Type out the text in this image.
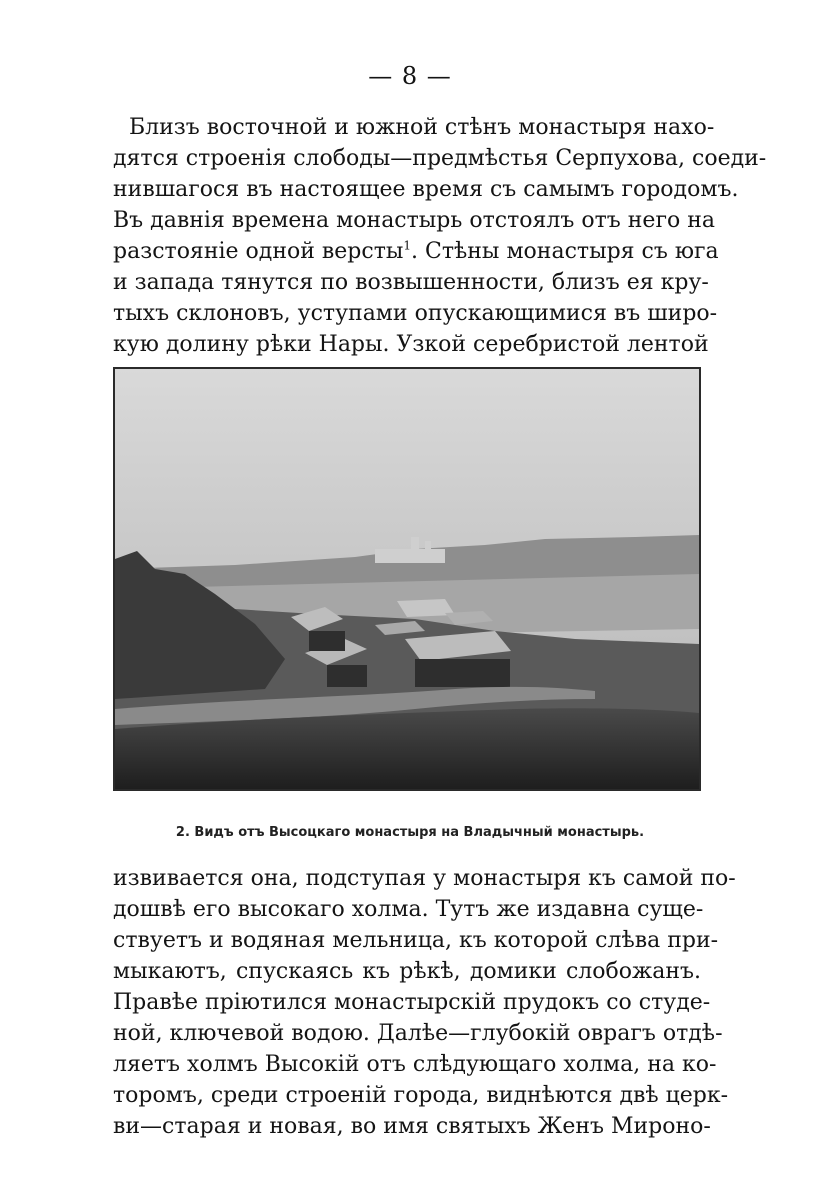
— 8 —
Близъ восточной и южной стѣнъ монастыря нахо-
дятся строенія слободы—предмѣстья Серпухова, соеди-
нившагося въ настоящее время съ самымъ городомъ.
Въ давнія времена монастырь отстоялъ отъ него на
разстояніе одной версты$^1$. Стѣны монастыря съ юга
и запада тянутся по возвышенности, близъ ея кру-
тыхъ склоновъ, уступами опускающимися въ широ-
кую долину рѣки Нары. Узкой серебристой лентой
2. Видъ отъ Высоцкаго монастыря на Владычный монастырь.
извивается она, подступая у монастыря къ самой по-
дошвѣ его высокаго холма. Тутъ же издавна суще-
ствуетъ и водяная мельница, къ которой слѣва при-
мыкаютъ, спускаясь къ рѣкѣ, домики слобожанъ.
Правѣе пріютился монастырскій прудокъ со студе-
ной, ключевой водою. Далѣе—глубокій оврагъ отдѣ-
ляетъ холмъ Высокій отъ слѣдующаго холма, на ко-
торомъ, среди строеній города, виднѣются двѣ церк-
ви—старая и новая, во имя святыхъ Женъ Мироно-
